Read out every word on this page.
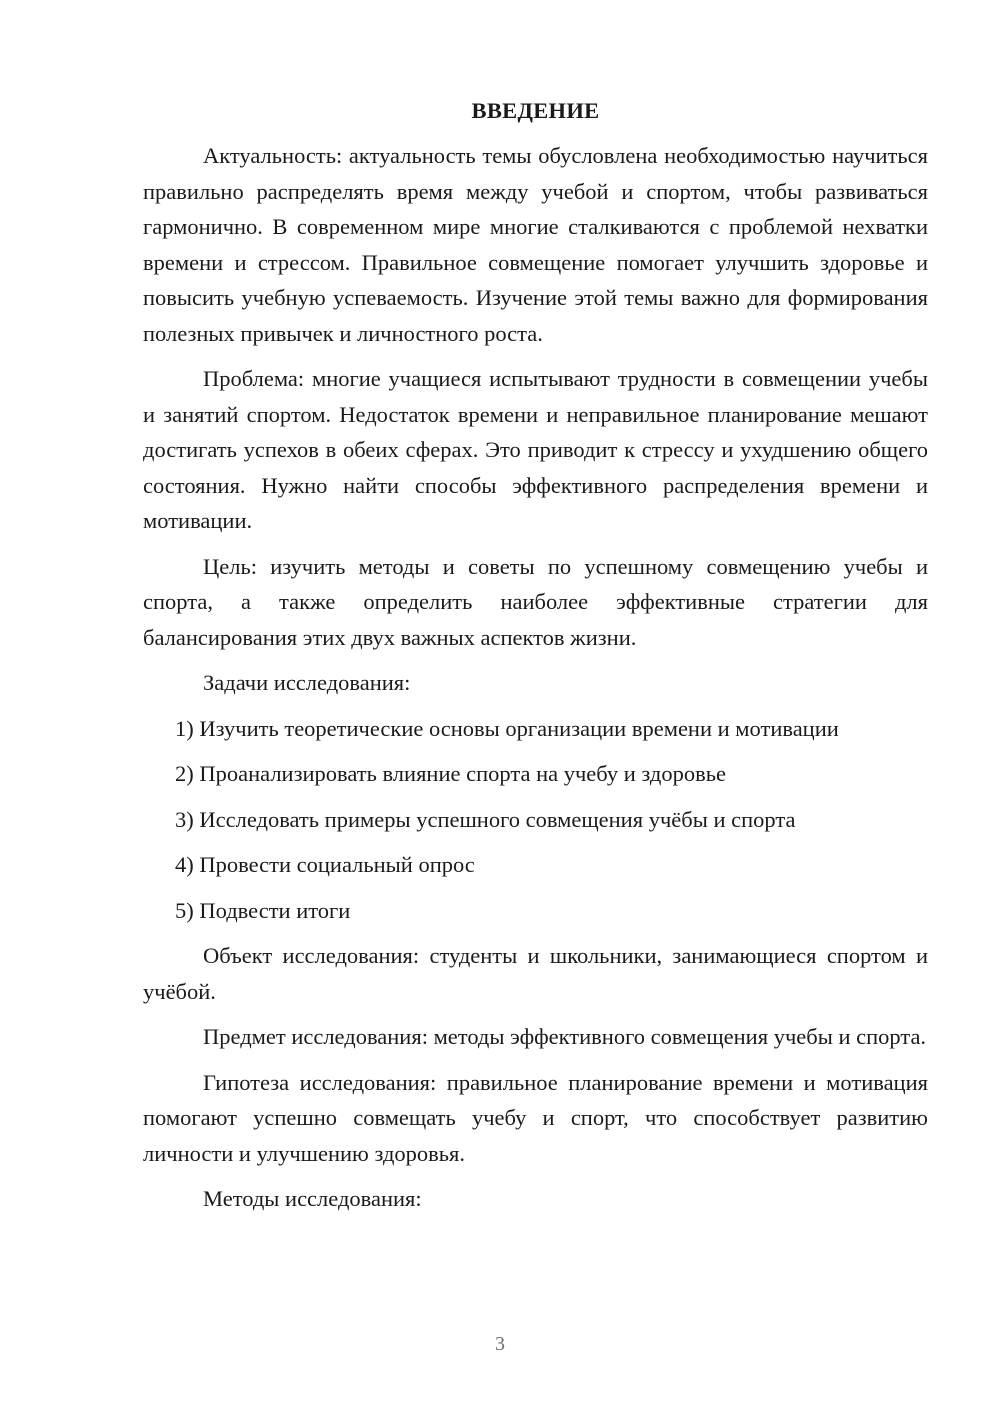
ВВЕДЕНИЕ

Актуальность: актуальность темы обусловлена необходимостью научиться правильно распределять время между учебой и спортом, чтобы развиваться гармонично. В современном мире многие сталкиваются с проблемой нехватки времени и стрессом. Правильное совмещение помогает улучшить здоровье и повысить учебную успеваемость. Изучение этой темы важно для формирования полезных привычек и личностного роста.

Проблема: многие учащиеся испытывают трудности в совмещении учебы и занятий спортом. Недостаток времени и неправильное планирование мешают достигать успехов в обеих сферах. Это приводит к стрессу и ухудшению общего состояния. Нужно найти способы эффективного распределения времени и мотивации.

Цель: изучить методы и советы по успешному совмещению учебы и спорта, а также определить наиболее эффективные стратегии для балансирования этих двух важных аспектов жизни.

Задачи исследования:

1) Изучить теоретические основы организации времени и мотивации

2) Проанализировать влияние спорта на учебу и здоровье

3) Исследовать примеры успешного совмещения учёбы и спорта

4) Провести социальный опрос

5) Подвести итоги

Объект исследования: студенты и школьники, занимающиеся спортом и учёбой.

Предмет исследования: методы эффективного совмещения учебы и спорта.

Гипотеза исследования: правильное планирование времени и мотивация помогают успешно совмещать учебу и спорт, что способствует развитию личности и улучшению здоровья.

Методы исследования:

3
